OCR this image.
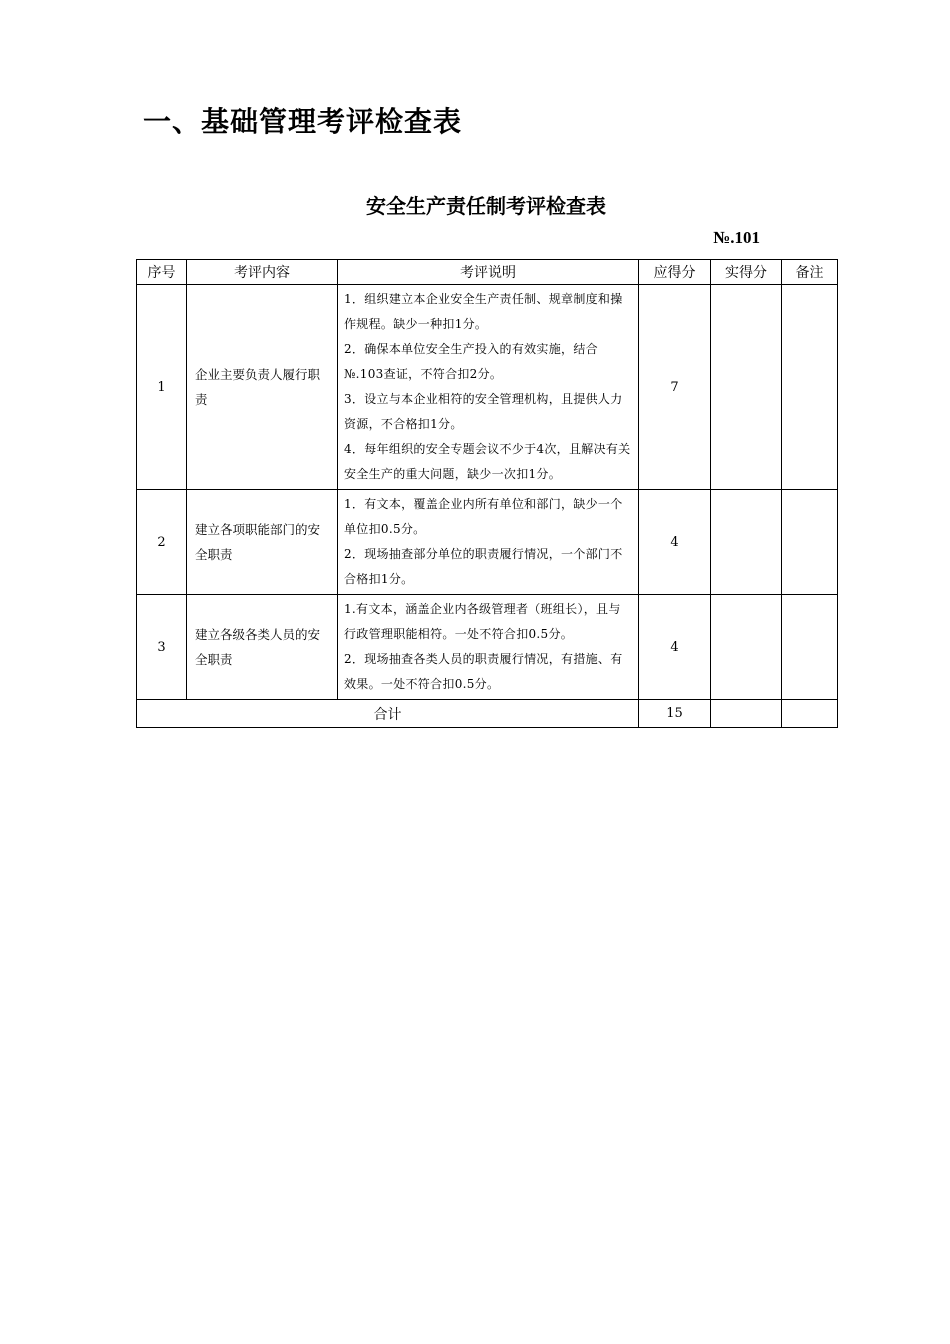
一、基础管理考评检查表
安全生产责任制考评检查表
№.101
序号	考评内容	考评说明	应得分	实得分	备注
1	企业主要负责人履行职责	1．组织建立本企业安全生产责任制、规章制度和操作规程。缺少一种扣1分。
2．确保本单位安全生产投入的有效实施，结合№.103查证，不符合扣2分。
3．设立与本企业相符的安全管理机构，且提供人力资源，不合格扣1分。
4．每年组织的安全专题会议不少于4次，且解决有关安全生产的重大问题，缺少一次扣1分。	7		
2	建立各项职能部门的安全职责	1．有文本，覆盖企业内所有单位和部门，缺少一个单位扣0.5分。
2．现场抽查部分单位的职责履行情况，一个部门不合格扣1分。	4		
3	建立各级各类人员的安全职责	1.有文本，涵盖企业内各级管理者（班组长），且与行政管理职能相符。一处不符合扣0.5分。
2．现场抽查各类人员的职责履行情况，有措施、有效果。一处不符合扣0.5分。	4		
合计			15		
